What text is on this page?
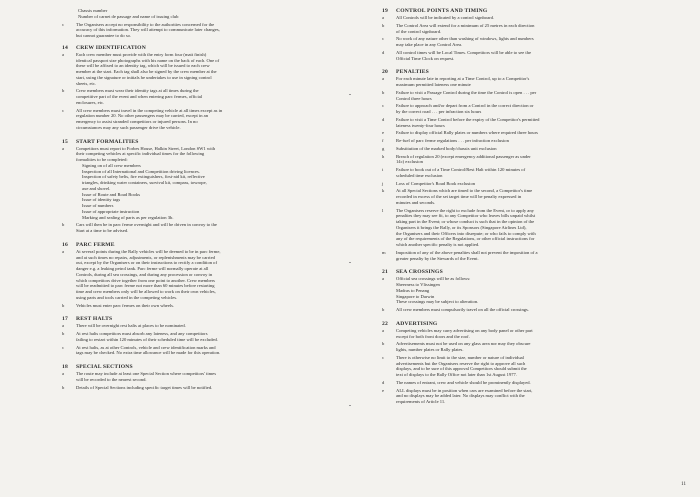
Chassis number
Number of carnet de passage and name of issuing club
c	The Organisers accept no responsibility to the authorities concerned for the
accuracy of this information. They will attempt to communicate later changes,
but cannot guarantee to do so.
14 CREW IDENTIFICATION
a	Each crew member must provide with the entry form four (matt finish)
identical passport size photographs with his name on the back of each. One of
these will be affixed to an identity tag, which will be issued to each crew
member at the start. Each tag shall also be signed by the crew member at the
start, using the signature or initials he undertakes to use in signing control
sheets, etc.
b	Crew members must wear their identity tags at all times during the
competitive part of the event and when entering parc fermes, official
enclosures, etc.
c	All crew members must travel in the competing vehicle at all times except as in
regulation number 20. No other passengers may be carried, except in an
emergency to assist stranded competitors or injured persons. In no
circumstances may any such passenger drive the vehicle.
15 START FORMALITIES
a	Competitors must report to Forbes House, Halkin Street, London SW1 with
their competing vehicles at specific individual times for the following
formalities to be completed:
Signing on of all crew members
Inspection of all International and Competition driving licences.
Inspection of safety belts, fire extinguishers, first-aid kit, reflective
triangles, drinking water containers, survival kit, compass, towrope,
axe and shovel.
Issue of Route and Road Books
Issue of identity tags
Issue of numbers
Issue of appropriate instruction
Marking and sealing of parts as per regulation 3b.
b	Cars will then be in parc ferme overnight and will be driven in convoy to the
Start at a time to be advised.
16 PARC FERME
a	At several points during the Rally vehicles will be deemed to be in parc ferme,
and at such times no repairs, adjustments, or replenishments may be carried
out, except by the Organisers or on their instructions to rectify a condition of
danger e.g. a leaking petrol tank. Parc ferme will normally operate at all
Controls, during all sea crossings, and during any procession or convoy in
which competitors drive together from one point to another. Crew members
will be readmitted to parc ferme not more than 60 minutes before restarting
time and crew members only will be allowed to work on their own vehicles,
using parts and tools carried in the competing vehicles.
b	Vehicles must enter parc fermes on their own wheels.
17 REST HALTS
a	There will be overnight rest halts at places to be nominated.
b	At rest halts competitors must absorb any lateness, and any competitors
failing to restart within 120 minutes of their scheduled time will be excluded.
c	At rest halts, as at other Controls, vehicle and crew identification marks and
tags may be checked. No extra time allowance will be made for this operation.
18 SPECIAL SECTIONS
a	The route may include at least one Special Section where competitors' times
will be recorded to the nearest second.
b	Details of Special Sections including specific target times will be notified.
19 CONTROL POINTS AND TIMING
a	All Controls will be indicated by a control signboard.
b	The Control Area will extend for a minimum of 25 metres in each direction
of the control signboard.
c	No work of any nature other than washing of windows, lights and numbers
may take place in any Control Area.
d	All control times will be Local Times. Competitors will be able to see the
Official Time Clock on request.
20 PENALTIES
a	For each minute late in reporting at a Time Control, up to a Competitor's
maximum permitted lateness one minute
b	Failure to visit a Passage Control during the time the Control is open . . . per
Control three hours
c	Failure to approach and/or depart from a Control in the correct direction or
by the correct road . . . per infraction six hours
d	Failure to visit a Time Control before the expiry of the Competitor's permitted
lateness twenty-four hours
e	Failure to display official Rally plates or numbers where required three hours
f	Re-fuel of parc ferme regulations . . . per infraction exclusion
g	Substitution of the marked body/chassis unit exclusion
h	Breach of regulation 20 (except emergency additional passenger as under
14c) exclusion
i	Failure to book out of a Time Control/Rest Halt within 120 minutes of
scheduled time exclusion
j	Loss of Competitor's Road Book exclusion
k	At all Special Sections which are timed to the second, a Competitor's time
recorded in excess of the set target time will be penalty expressed in
minutes and seconds.
l	The Organisers reserve the right to exclude from the Event, or to apply any
penalties they may see fit, to any Competitor who leaves bills unpaid whilst
taking part in the Event; or whose conduct is such that in the opinion of the
Organisers it brings the Rally, or its Sponsors (Singapore Airlines Ltd),
the Organisers and their Officers into disrepute; or who fails to comply with
any of the requirements of the Regulations, or other official instructions for
which another specific penalty is not applied.
m Imposition of any of the above penalties shall not prevent the imposition of a
greater penalty by the Stewards of the Event.
21 SEA CROSSINGS
a	Official sea crossings will be as follows:
Sheerness to Vlissingen
Madras to Penang
Singapore to Darwin
These crossings may be subject to alteration.
b	All crew members must compulsorily travel on all the official crossings.
22 ADVERTISING
a	Competing vehicles may carry advertising on any body panel or other part
except for both front doors and the roof.
b	Advertisements must not be used on any glass area nor may they obscure
lights, number plates or Rally plates.
c	There is otherwise no limit to the size, number or nature of individual
advertisements but the Organisers reserve the right to approve all such
displays, and to be sure of this approval Competitors should submit the
text of displays to the Rally Office not later than 1st August 1977.
d	The names of entrant, crew and vehicle should be prominently displayed.
e	ALL displays must be in position when cars are examined before the start,
and no displays may be added later. No displays may conflict with the
requirements of Article 11.
11
